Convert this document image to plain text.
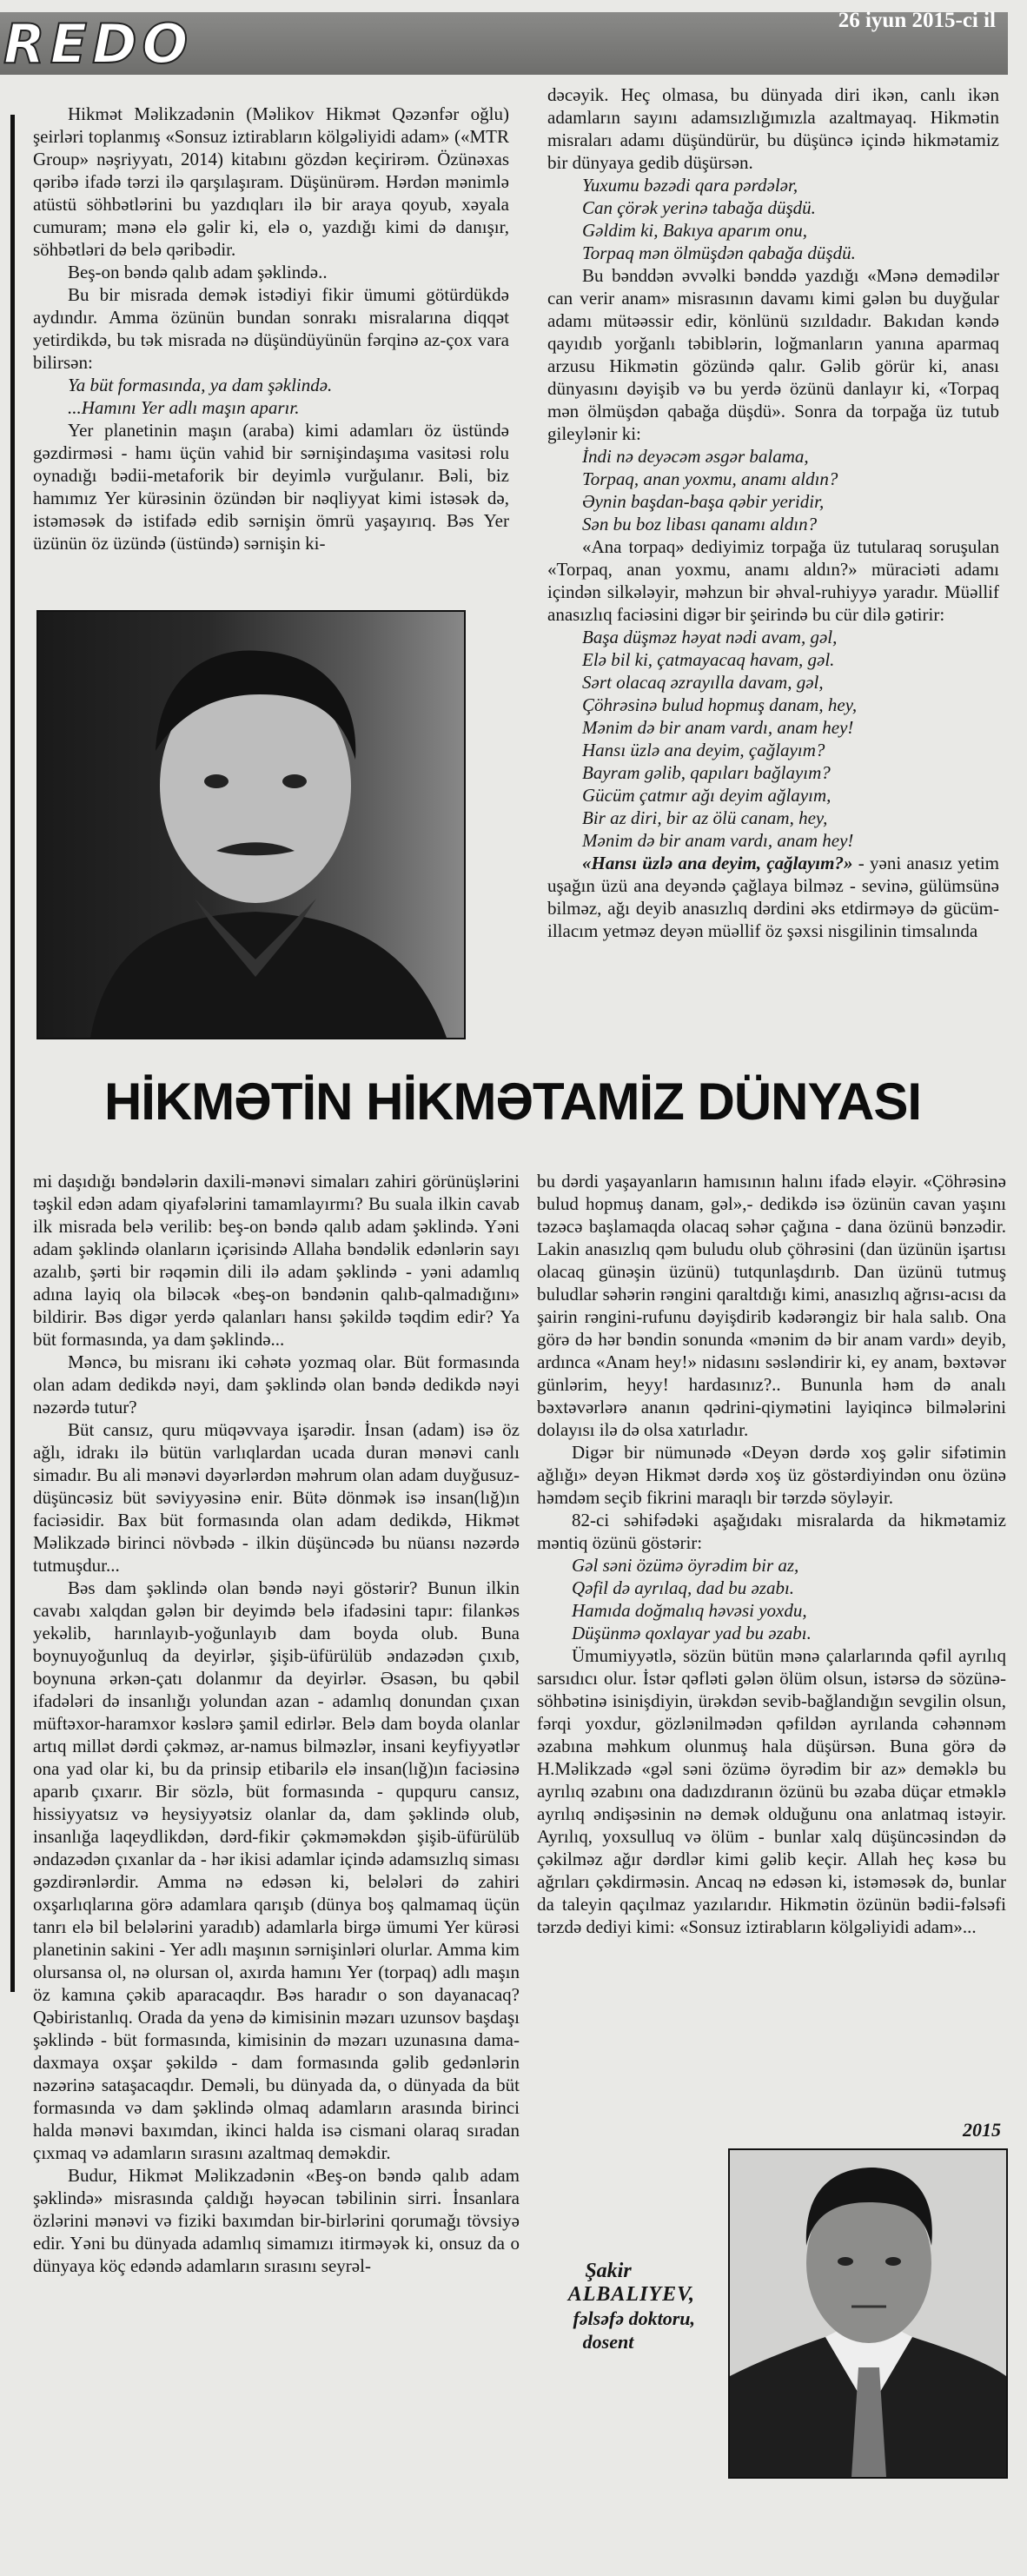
REDO	26 iyun 2015-ci il

Hikmət Məlikzadənin (Məlikov Hikmət Qəzənfər oğlu) şeirləri toplanmış «Sonsuz iztirabların kölgəliyidi adam» («MTR Group» nəşriyyatı, 2014) kitabını gözdən keçirirəm. Özünəxas qəribə ifadə tərzi ilə qarşılaşıram. Düşünürəm. Hərdən mənimlə atüstü söhbətlərini bu yazdıqları ilə bir araya qoyub, xəyala cumuram; mənə elə gəlir ki, elə o, yazdığı kimi də danışır, söhbətləri də belə qəribədir.

Beş-on bəndə qalıb adam şəklində..

Bu bir misrada demək istədiyi fikir ümumi götürdükdə aydındır. Amma özünün bundan sonrakı misralarına diqqət yetirdikdə, bu tək misrada nə düşündüyünün fərqinə az-çox vara bilirsən:

Ya büt formasında, ya dam şəklində.
...Hamını Yer adlı maşın aparır.

Yer planetinin maşın (araba) kimi adamları öz üstündə gəzdirməsi - hamı üçün vahid bir sərnişindaşıma vasitəsi rolu oynadığı bədii-metaforik bir deyimlə vurğulanır. Bəli, biz hamımız Yer kürəsinin özündən bir nəqliyyat kimi istəsək də, istəməsək də istifadə edib sərnişin ömrü yaşayırıq. Bəs Yer üzünün öz üzündə (üstündə) sərnişin ki-

dəcəyik. Heç olmasa, bu dünyada diri ikən, canlı ikən adamların sayını adamsızlığımızla azaltmayaq. Hikmətin misraları adamı düşündürür, bu düşüncə içində hikmətamiz bir dünyaya gedib düşürsən.

Yuxumu bəzədi qara pərdələr,
Can çörək yerinə tabağa düşdü.
Gəldim ki, Bakıya aparım onu,
Torpaq mən ölmüşdən qabağa düşdü.

Bu bənddən əvvəlki bənddə yazdığı «Mənə demədilər can verir anam» misrasının davamı kimi gələn bu duyğular adamı mütəəssir edir, könlünü sızıldadır. Bakıdan kəndə qayıdıb yorğanlı təbiblərin, loğmanların yanına aparmaq arzusu Hikmətin gözündə qalır. Gəlib görür ki, anası dünyasını dəyişib və bu yerdə özünü danlayır ki, «Torpaq mən ölmüşdən qabağa düşdü». Sonra da torpağa üz tutub gileylənir ki:

İndi nə deyəcəm əsgər balama,
Torpaq, anan yoxmu, anamı aldın?
Əynin başdan-başa qəbir yeridir,
Sən bu boz libası qanamı aldın?

«Ana torpaq» dediyimiz torpağa üz tutularaq soruşulan «Torpaq, anan yoxmu, anamı aldın?» müraciəti adamı içindən silkələyir, məhzun bir əhval-ruhiyyə yaradır. Müəllif anasızlıq faciəsini digər bir şeirində bu cür dilə gətirir:

Başa düşməz həyat nədi avam, gəl,
Elə bil ki, çatmayacaq havam, gəl.
Sərt olacaq əzrayılla davam, gəl,
Çöhrəsinə bulud hopmuş danam, hey,
Mənim də bir anam vardı, anam hey!
Hansı üzlə ana deyim, çağlayım?
Bayram gəlib, qapıları bağlayım?
Gücüm çatmır ağı deyim ağlayım,
Bir az diri, bir az ölü canam, hey,
Mənim də bir anam vardı, anam hey!

«Hansı üzlə ana deyim, çağlayım?» - yəni anasız yetim uşağın üzü ana deyəndə çağlaya bilməz - sevinə, gülümsünə bilməz, ağı deyib anasızlıq dərdini əks etdirməyə də gücüm-illacım yetməz deyən müəllif öz şəxsi nisgilinin timsalında

HİKMƏTİN HİKMƏTAMİZ DÜNYASI

mi daşıdığı bəndələrin daxili-mənəvi simaları zahiri görünüşlərini təşkil edən adam qiyafələrini tamamlayırmı? Bu suala ilkin cavab ilk misrada belə verilib: beş-on bəndə qalıb adam şəklində. Yəni adam şəklində olanların içərisində Allaha bəndəlik edənlərin sayı azalıb, şərti bir rəqəmin dili ilə adam şəklində - yəni adamlıq adına layiq ola biləcək «beş-on bəndənin qalıb-qalmadığını» bildirir. Bəs digər yerdə qalanları hansı şəkildə təqdim edir? Ya büt formasında, ya dam şəklində...

Məncə, bu misranı iki cəhətə yozmaq olar. Büt formasında olan adam dedikdə nəyi, dam şəklində olan bəndə dedikdə nəyi nəzərdə tutur?

Büt cansız, quru müqəvvaya işarədir. İnsan (adam) isə öz ağlı, idrakı ilə bütün varlıqlardan ucada duran mənəvi canlı simadır. Bu ali mənəvi dəyərlərdən məhrum olan adam duyğusuz-düşüncəsiz büt səviyyəsinə enir. Bütə dönmək isə insan(lığ)ın faciəsidir. Bax büt formasında olan adam dedikdə, Hikmət Məlikzadə birinci növbədə - ilkin düşüncədə bu nüansı nəzərdə tutmuşdur...

Bəs dam şəklində olan bəndə nəyi göstərir? Bunun ilkin cavabı xalqdan gələn bir deyimdə belə ifadəsini tapır: filankəs yekəlib, harınlayıb-yoğunlayıb dam boyda olub. Buna boynuyoğunluq da deyirlər, şişib-üfürülüb əndazədən çıxıb, boynuna ərkən-çatı dolanmır da deyirlər. Əsasən, bu qəbil ifadələri də insanlığı yolundan azan - adamlıq donundan çıxan müftəxor-haramxor kəslərə şamil edirlər. Belə dam boyda olanlar artıq millət dərdi çəkməz, ar-namus bilməzlər, insani keyfiyyətlər ona yad olar ki, bu da prinsip etibarilə elə insan(lığ)ın faciəsinə aparıb çıxarır. Bir sözlə, büt formasında - qupquru cansız, hissiyyatsız və heysiyyətsiz olanlar da, dam şəklində olub, insanlığa laqeydlikdən, dərd-fikir çəkməməkdən şişib-üfürülüb əndazədən çıxanlar da - hər ikisi adamlar içində adamsızlıq siması gəzdirənlərdir. Amma nə edəsən ki, belələri də zahiri oxşarlıqlarına görə adamlara qarışıb (dünya boş qalmamaq üçün tanrı elə bil belələrini yaradıb) adamlarla birgə ümumi Yer kürəsi planetinin sakini - Yer adlı maşının sərnişinləri olurlar. Amma kim olursansa ol, nə olursan ol, axırda hamını Yer (torpaq) adlı maşın öz kamına çəkib aparacaqdır. Bəs haradır o son dayanacaq? Qəbiristanlıq. Orada da yenə də kimisinin məzarı uzunsov başdaşı şəklində - büt formasında, kimisinin də məzarı uzunasına dama-daxmaya oxşar şəkildə - dam formasında gəlib gedənlərin nəzərinə sataşacaqdır. Deməli, bu dünyada da, o dünyada da büt formasında və dam şəklində olmaq adamların arasında birinci halda mənəvi baxımdan, ikinci halda isə cismani olaraq sıradan çıxmaq və adamların sırasını azaltmaq deməkdir.

Budur, Hikmət Məlikzadənin «Beş-on bəndə qalıb adam şəklində» misrasında çaldığı həyəcan təbilinin sirri. İnsanlara özlərini mənəvi və fiziki baxımdan bir-birlərini qorumağı tövsiyə edir. Yəni bu dünyada adamlıq simamızı itirməyək ki, onsuz da o dünyaya köç edəndə adamların sırasını seyrəl-

bu dərdi yaşayanların hamısının halını ifadə eləyir. «Çöhrəsinə bulud hopmuş danam, gəl»,- dedikdə isə özünün cavan yaşını təzəcə başlamaqda olacaq səhər çağına - dana özünü bənzədir. Lakin anasızlıq qəm buludu olub çöhrəsini (dan üzünün işartısı olacaq günəşin üzünü) tutqunlaşdırıb. Dan üzünü tutmuş buludlar səhərin rəngini qaraltdığı kimi, anasızlıq ağrısı-acısı da şairin rəngini-rufunu dəyişdirib kədərəngiz bir hala salıb. Ona görə də hər bəndin sonunda «mənim də bir anam vardı» deyib, ardınca «Anam hey!» nidasını səsləndirir ki, ey anam, bəxtəvər günlərim, heyy! hardasınız?.. Bununla həm də analı bəxtəvərlərə ananın qədrini-qiymətini layiqincə bilmələrini dolayısı ilə də olsa xatırladır.

Digər bir nümunədə «Deyən dərdə xoş gəlir sifətimin ağlığı» deyən Hikmət dərdə xoş üz göstərdiyindən onu özünə həmdəm seçib fikrini maraqlı bir tərzdə söyləyir.

82-ci səhifədəki aşağıdakı misralarda da hikmətamiz məntiq özünü göstərir:

Gəl səni özümə öyrədim bir az,
Qəfil də ayrılaq, dad bu əzabı.
Hamıda doğmalıq həvəsi yoxdu,
Düşünmə qoxlayar yad bu əzabı.

Ümumiyyətlə, sözün bütün mənə çalarlarında qəfil ayrılıq sarsıdıcı olur. İstər qəfləti gələn ölüm olsun, istərsə də sözünə-söhbətinə isinişdiyin, ürəkdən sevib-bağlandığın sevgilin olsun, fərqi yoxdur, gözlənilmədən qəfildən ayrılanda cəhənnəm əzabına məhkum olunmuş hala düşürsən. Buna görə də H.Məlikzadə «gəl səni özümə öyrədim bir az» deməklə bu ayrılıq əzabını ona dadızdıranın özünü bu əzaba düçar etməklə ayrılıq əndişəsinin nə demək olduğunu ona anlatmaq istəyir. Ayrılıq, yoxsulluq və ölüm - bunlar xalq düşüncəsindən də çəkilməz ağır dərdlər kimi gəlib keçir. Allah heç kəsə bu ağrıları çəkdirməsin. Ancaq nə edəsən ki, istəməsək də, bunlar da taleyin qaçılmaz yazılarıdır. Hikmətin özünün bədii-fəlsəfi tərzdə dediyi kimi: «Sonsuz iztirabların kölgəliyidi adam»...

2015
Şakir
ALBALIYEV,
fəlsəfə doktoru,
dosent
